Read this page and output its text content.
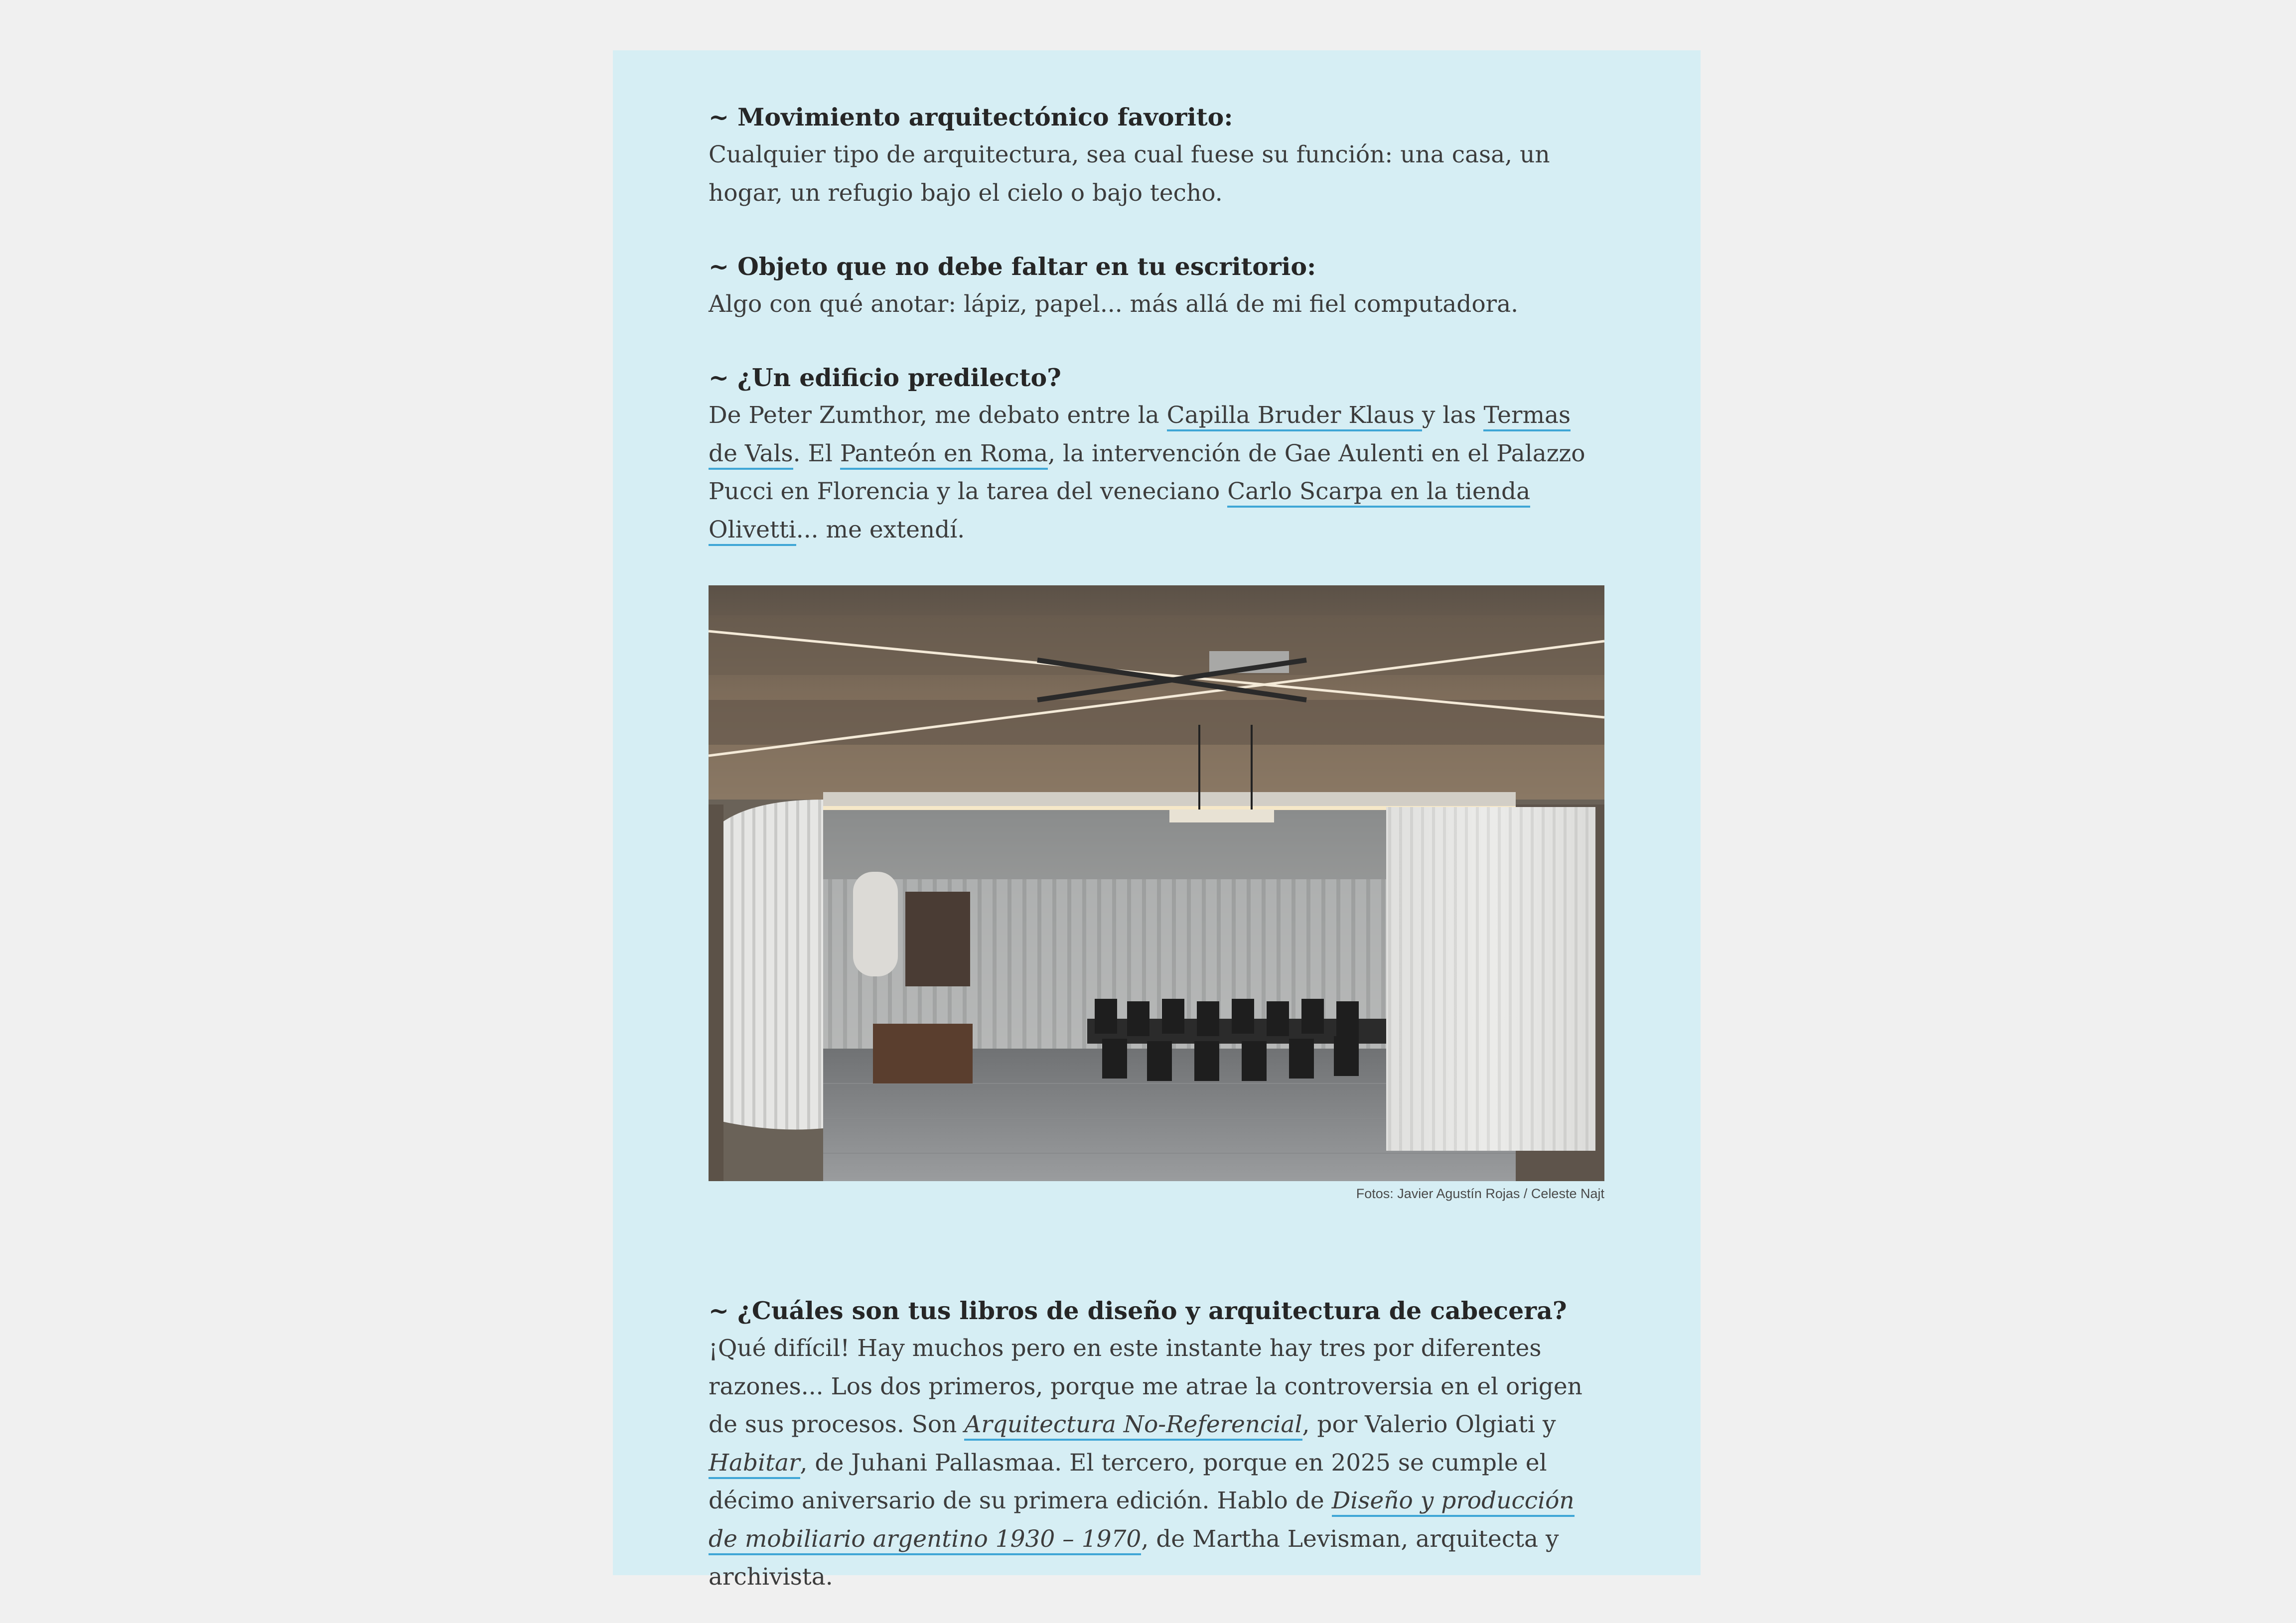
~ Movimiento arquitectónico favorito:
Cualquier tipo de arquitectura, sea cual fuese su función: una casa, un hogar, un refugio bajo el cielo o bajo techo.
~ Objeto que no debe faltar en tu escritorio:
Algo con qué anotar: lápiz, papel... más allá de mi fiel computadora.
~ ¿Un edificio predilecto?
De Peter Zumthor, me debato entre la Capilla Bruder Klaus y las Termas de Vals. El Panteón en Roma, la intervención de Gae Aulenti en el Palazzo Pucci en Florencia y la tarea del veneciano Carlo Scarpa en la tienda Olivetti... me extendí.
Fotos: Javier Agustín Rojas / Celeste Najt
~ ¿Cuáles son tus libros de diseño y arquitectura de cabecera?
¡Qué difícil! Hay muchos pero en este instante hay tres por diferentes razones... Los dos primeros, porque me atrae la controversia en el origen de sus procesos. Son Arquitectura No-Referencial, por Valerio Olgiati y Habitar, de Juhani Pallasmaa. El tercero, porque en 2025 se cumple el décimo aniversario de su primera edición. Hablo de Diseño y producción de mobiliario argentino 1930 – 1970, de Martha Levisman, arquitecta y archivista.
